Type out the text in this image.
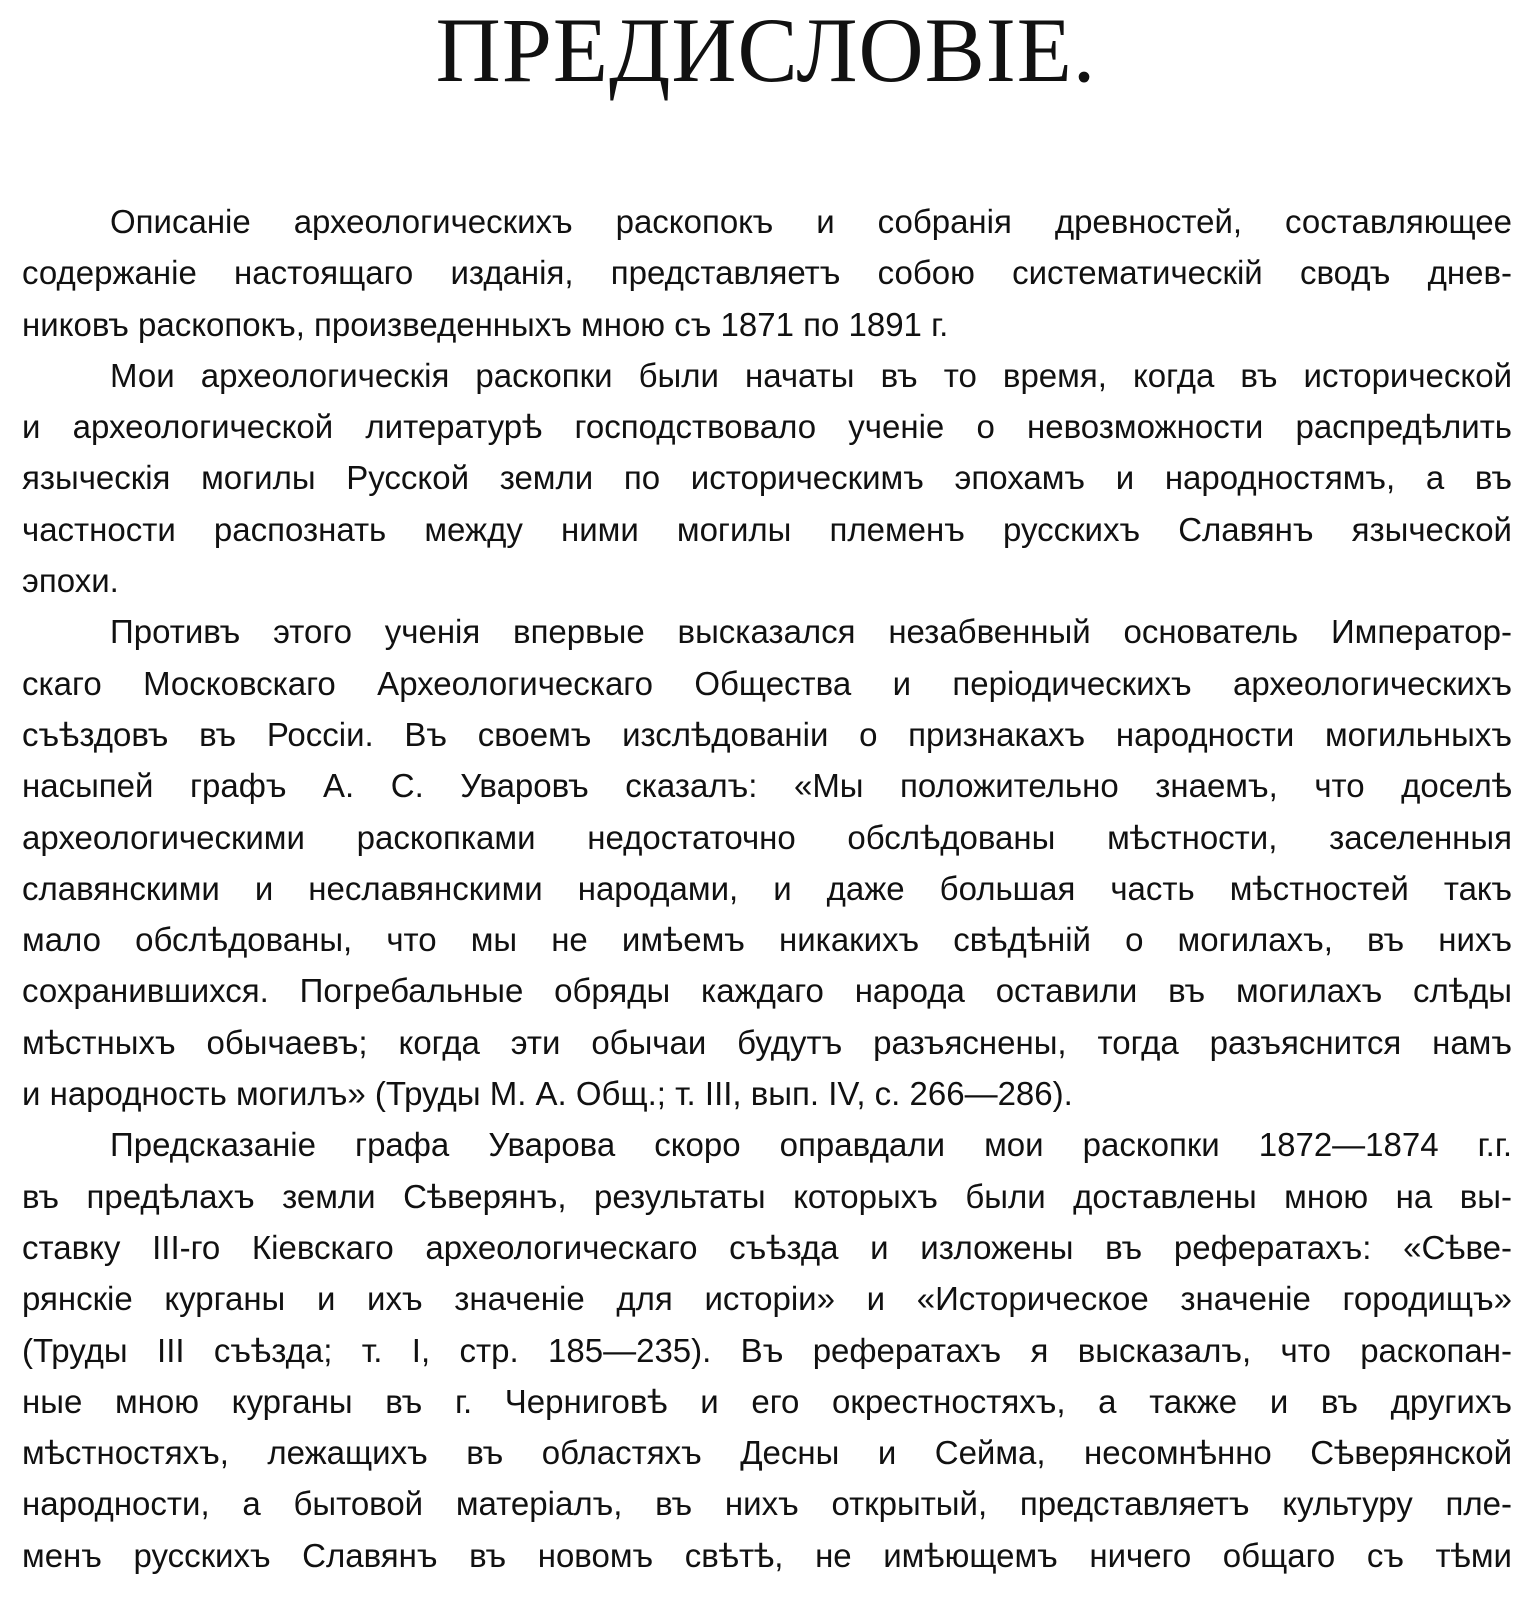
ПРЕДИСЛОВІЕ.

Описаніе археологическихъ раскопокъ и собранія древностей, составляющее
содержаніе настоящаго изданія, представляетъ собою систематическій сводъ днев-
никовъ раскопокъ, произведенныхъ мною съ 1871 по 1891 г.

Мои археологическія раскопки были начаты въ то время, когда въ исторической
и археологической литературѣ господствовало ученіе о невозможности распредѣлить
языческія могилы Русской земли по историческимъ эпохамъ и народностямъ, а въ
частности распознать между ними могилы племенъ русскихъ Славянъ языческой
эпохи.

Противъ этого ученія впервые высказался незабвенный основатель Император-
скаго Московскаго Археологическаго Общества и періодическихъ археологическихъ
съѣздовъ въ Россіи. Въ своемъ изслѣдованіи о признакахъ народности могильныхъ
насыпей графъ А. С. Уваровъ сказалъ: «Мы положительно знаемъ, что доселѣ
археологическими раскопками недостаточно обслѣдованы мѣстности, заселенныя
славянскими и неславянскими народами, и даже большая часть мѣстностей такъ
мало обслѣдованы, что мы не имѣемъ никакихъ свѣдѣній о могилахъ, въ нихъ
сохранившихся. Погребальные обряды каждаго народа оставили въ могилахъ слѣды
мѣстныхъ обычаевъ; когда эти обычаи будутъ разъяснены, тогда разъяснится намъ
и народность могилъ» (Труды М. А. Общ.; т. III, вып. IV, с. 266—286).

Предсказаніе графа Уварова скоро оправдали мои раскопки 1872—1874 г.г.
въ предѣлахъ земли Сѣверянъ, результаты которыхъ были доставлены мною на вы-
ставку III-го Кіевскаго археологическаго съѣзда и изложены въ рефератахъ: «Сѣве-
рянскіе курганы и ихъ значеніе для исторіи» и «Историческое значеніе городищъ»
(Труды III съѣзда; т. I, стр. 185—235). Въ рефератахъ я высказалъ, что раскопан-
ные мною курганы въ г. Черниговѣ и его окрестностяхъ, а также и въ другихъ
мѣстностяхъ, лежащихъ въ областяхъ Десны и Сейма, несомнѣнно Сѣверянской
народности, а бытовой матеріалъ, въ нихъ открытый, представляетъ культуру пле-
менъ русскихъ Славянъ въ новомъ свѣтѣ, не имѣющемъ ничего общаго съ тѣми
